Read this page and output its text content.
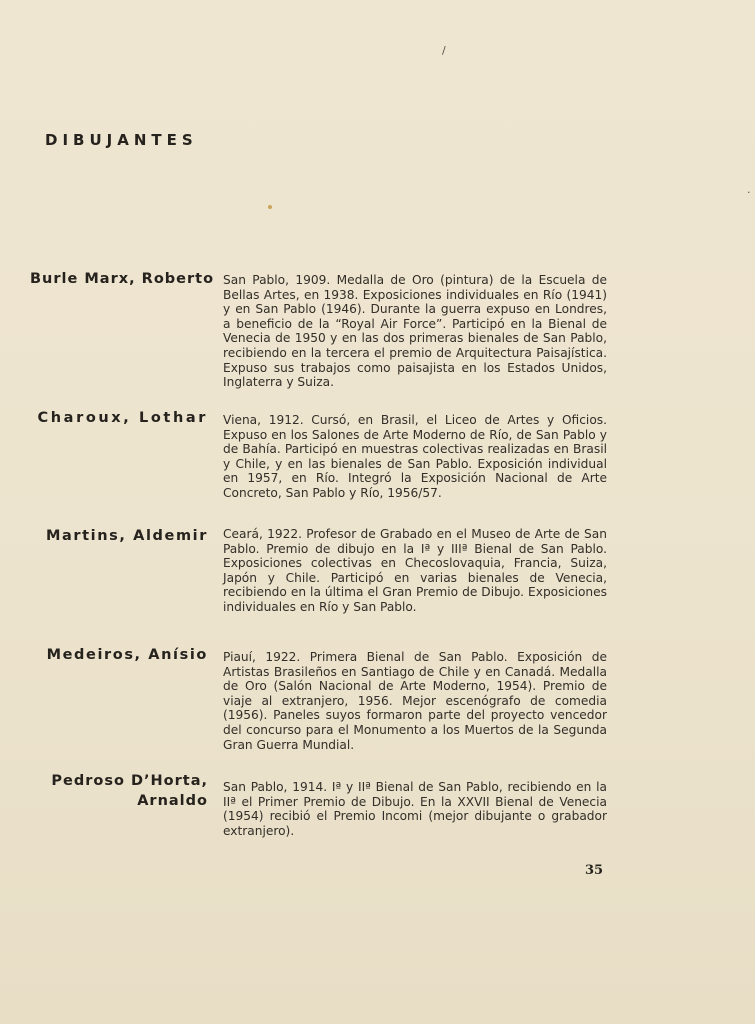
DIBUJANTES
Burle Marx, Roberto San Pablo, 1909. Medalla de Oro (pintura) de la Escuela de Bellas Artes, en 1938. Exposiciones individuales en Río (1941) y en San Pablo (1946). Durante la guerra expuso en Londres, a beneficio de la “Royal Air Force”. Participó en la Bienal de Venecia de 1950 y en las dos primeras bienales de San Pablo, recibiendo en la tercera el premio de Arquitectura Paisajística. Expuso sus trabajos como paisajista en los Estados Unidos, Inglaterra y Suiza.
Charoux, Lothar Viena, 1912. Cursó, en Brasil, el Liceo de Artes y Oficios. Expuso en los Salones de Arte Moderno de Río, de San Pablo y de Bahía. Participó en muestras colectivas realizadas en Brasil y Chile, y en las bienales de San Pablo. Exposición individual en 1957, en Río. Integró la Exposición Nacional de Arte Concreto, San Pablo y Río, 1956/57.
Martins, Aldemir Ceará, 1922. Profesor de Grabado en el Museo de Arte de San Pablo. Premio de dibujo en la Iª y IIIª Bienal de San Pablo. Exposiciones colectivas en Checoslovaquia, Francia, Suiza, Japón y Chile. Participó en varias bienales de Venecia, recibiendo en la última el Gran Premio de Dibujo. Exposiciones individuales en Río y San Pablo.
Medeiros, Anísio Piauí, 1922. Primera Bienal de San Pablo. Exposición de Artistas Brasileños en Santiago de Chile y en Canadá. Medalla de Oro (Salón Nacional de Arte Moderno, 1954). Premio de viaje al extranjero, 1956. Mejor escenógrafo de comedia (1956). Paneles suyos formaron parte del proyecto vencedor del concurso para el Monumento a los Muertos de la Segunda Gran Guerra Mundial.
Pedroso D’Horta,
Arnaldo
San Pablo, 1914. Iª y IIª Bienal de San Pablo, recibiendo en la IIª el Primer Premio de Dibujo. En la XXVII Bienal de Venecia (1954) recibió el Premio Incomi (mejor dibujante o grabador extranjero).
35
/
·
